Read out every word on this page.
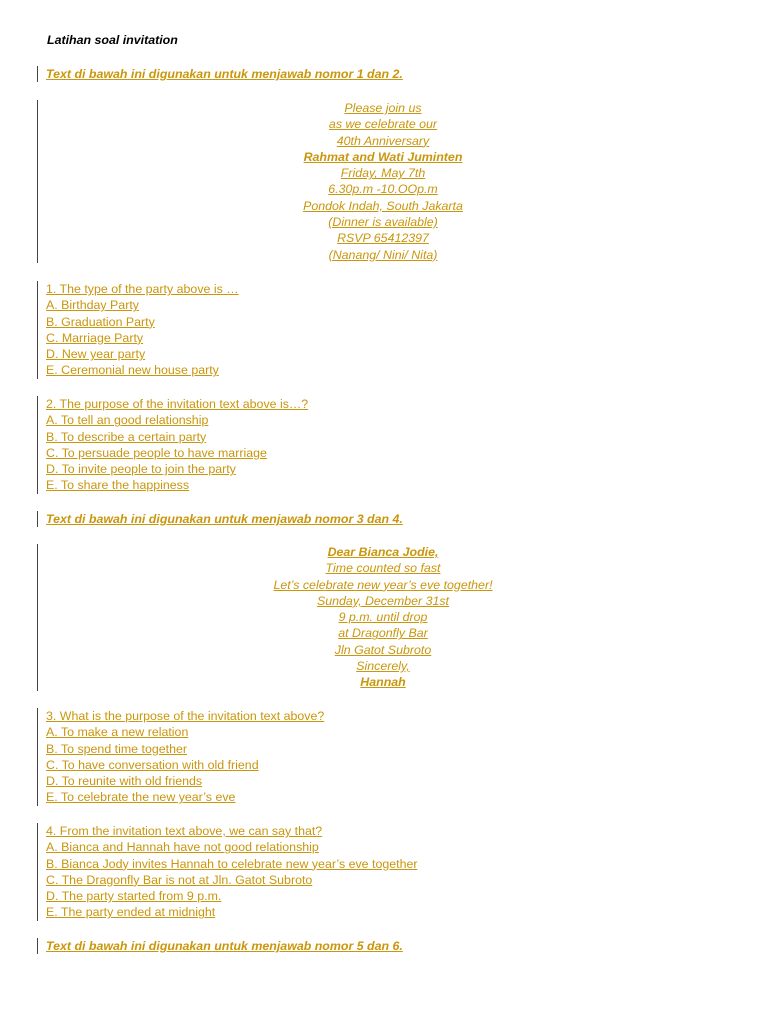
Latihan soal invitation
Text di bawah ini digunakan untuk menjawab nomor 1 dan 2.
Please join us
as we celebrate our
40th Anniversary
Rahmat and Wati Juminten
Friday, May 7th
6.30p.m -10.OOp.m
Pondok Indah, South Jakarta
(Dinner is available)
RSVP 65412397
(Nanang/ Nini/ Nita)
1. The type of the party above is …
A. Birthday Party
B. Graduation Party
C. Marriage Party
D. New year party
E. Ceremonial new house party
2. The purpose of the invitation text above is…?
A. To tell an good relationship
B. To describe a certain party
C. To persuade people to have marriage
D. To invite people to join the party
E. To share the happiness
Text di bawah ini digunakan untuk menjawab nomor 3 dan 4.
Dear Bianca Jodie,
Time counted so fast
Let’s celebrate new year’s eve together!
Sunday, December 31st
9 p.m. until drop
at Dragonfly Bar
Jln Gatot Subroto
Sincerely,
Hannah
3. What is the purpose of the invitation text above?
A. To make a new relation
B. To spend time together
C. To have conversation with old friend
D. To reunite with old friends
E. To celebrate the new year’s eve
4. From the invitation text above, we can say that?
A. Bianca and Hannah have not good relationship
B. Bianca Jody invites Hannah to celebrate new year’s eve together
C. The Dragonfly Bar is not at Jln. Gatot Subroto
D. The party started from 9 p.m.
E. The party ended at midnight
Text di bawah ini digunakan untuk menjawab nomor 5 dan 6.
